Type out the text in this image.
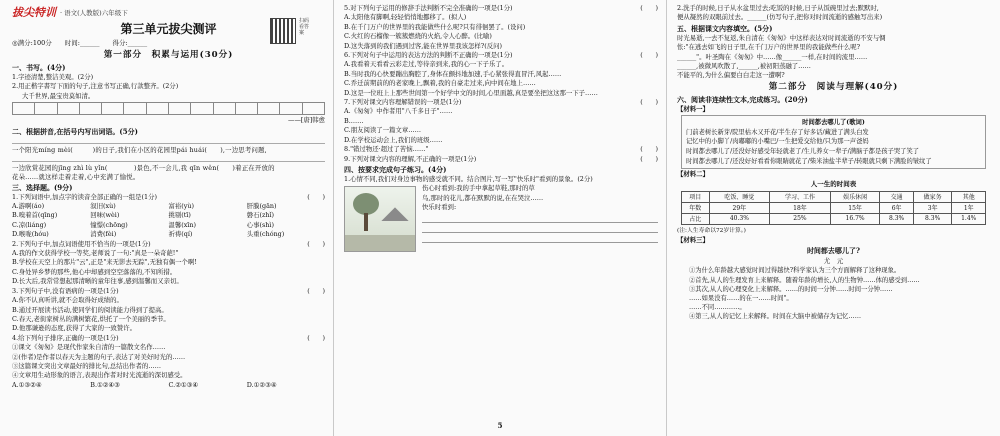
拔尖特训 · 语文(人教版)六年级下
扫码看答案
第三单元拔尖测评
◎满分:100分　　时间:______　　得分:______
第一部分　积累与运用(30分)
一、书写。(4分)
1.字迹清楚,整洁美观。(2分)
2.用正楷字書写下面的句子,注意书写正确,行款整齐。(2分)
大千世界,最宝贵莫如清。
——[唐]韩愈
二、根据拼音,在括号内写出词语。(5分)
一个阳光míng mèi(　　　)的日子,我们在小区的花园里pái huái(　　),一边思考问题,
一边欣赏花园的jīng zhì lù yǐn(　　　　)景色,不一会儿,我 qīn wěn(　　)着正在开放的
花朵……就这样走着走着,心中充满了愉悦。
三、选择题。(9分)
1.下列词语中,加点字的读音全部正确的一组是(1分)	(　　)
A.游啊(áo)	叙旧(xù)	富裕(yù)	肝膜(gān)
B.嗅着首(qīng)	回味(wèi)	挑剔(tī)	磐石(zhǐ)
C.凉(liáng)	憧憬(chōng)	温馨(xīn)	心事(shì)
D.喉咙(hóu)	消费(fèi)	祈祷(qí)	头重(chóng)
2.下列句子中,加点词语使用不恰当的一项是(1分)	(　　)
A.我的作文获得学校一等奖,老师说了一句:"真是一朵奇葩!"
B.学校在天空上的那片"云",正是"来无影去无踪",无独有偶一个啊!
C.身处异乡梦的那些,他心中却感到空空落落的,不知所措。
D.长大后,我常常想起那清晰的童年往事,感到温馨而又亲切。
3.下列句子中,没有语病的一项是(1分)	(　　)
A.你不认真听讲,就不会取得好成绩的。
B.通过开展读书活动,使同学们的阅读能力得到了提高。
C.春天,老街家树丛的满树繁花,烘托了一个美丽的季节。
D.他那谦逊的态度,获得了大家的一致赞许。
4.给下列句子排序,正确的一项是(1分)	(　　)
①课文《匆匆》是现代作家朱自清的一篇散文名作……
②(作者)是作者以春天为主题的句子,表达了对美好时光的……
③这篇课文突出文章最好的排比句,总结出作者的……
④文章用生动形象的语言,表现出作者对时光流逝的深切感受。
A.①③②④	B.①②④③	C.②①③④	D.①②③④
5.对下列句子运用的修辞手法判断不完全准确的一项是(1分)	(　　)
A.太阳他有脚啊,轻轻悄悄地挪移了。(拟人)
B.在千门万户的世界里的我能做些什么呢?只有徘徊罢了。(设问)
C.火红的石榴像一簇簇燃烧的火焰,令人心醉。(比喻)
D.这失落到的我们遇到过客,能在世界里我该怎样?(反问)
6.下列对句子中运用的表达方法的判断不正确的一项是(1分)	(　　)
A.我看着天看看云彩走过,等待亲到来,我的心一下子乐了。
B.当时我的心快要蹦出胸腔了,身体在颤抖地加速,手心紧张得直冒汗,风起……
C.乔迁前期前的的老家晚上,飘着,我的自豪走过来,向中间在地上……
D.这是一位班上上那些世间第一个好学中文的时间,心里面越,真是要坐把这这那一下子……
7.下列对课文内容理解错误的一项是(1分)	(　　)
A.《匆匆》中作者用"八千多日子"……
B.……
C.朋友阅读了一篇文章……
D.在学校运动会上,我们的班级……
8."错过物还·超过了苦恼……"	(　　)
9.下列对课文内容的理解,不正确的一项是(1分)	(　　)
四、按要求完成句子练习。(4分)
1.心情不同,我们对身边事物的感受就不同。结合图片,写一写"快乐时"看到的景象。(2分)
伤心时看到:我的手中拿起草鞋,那时的草
鸟,那时的花儿,都在默默的说,在在哭泣……
快乐时看到:
5
2.洗手的时候,日子从水盆里过去;吃饭的时候,日子从饭碗里过去;默默时,
便从凝然的双眼前过去。______(仿写句子,把你对时间流逝的感触写出来)
五、根据课文内容填空。(5分)
时光易逝,一去不复返,朱自清在《匆匆》中这样表达对时间流逝的不安与惆
怅:"在逃去如飞的日子里,在千门万户的世界里的我能做些什么呢?
______"。叶圣陶在《匆匆》中……像______一样,在时间的流里……
______,被微风吹散了,______,被初阳蒸融了……
不能平的,为什么偏要白白走这一遭啊?
第二部分　阅读与理解(40分)
六、阅读非连续性文本,完成练习。(20分)
【材料一】
时间都去哪儿了(歌词)
门前老树长新芽/院里枯木又开花/半生存了好多话/藏进了满头白发
记忆中的小脚丫/肉嘟嘟的小嘴巴/一生把爱交给他/只为那一声爸妈
时间都去哪儿了/还没好好感受年轻就老了/生儿养女一辈子/满脑子都是孩子哭了笑了
时间都去哪儿了/还没好好看看你眼睛就花了/柴米油盐半辈子/转眼就只剩下满脸的皱纹了
【材料二】
人一生的时间表
项目	吃饭、睡觉	学习、工作	娱乐休闲	交通	做家务	其他
年数	29年	18年	15年	6年	3年	1年
占比	40.3%	25%	16.7%	8.3%	8.3%	1.4%
(注:人生寿命以72岁计算。)
【材料三】
时间都去哪儿了?
尤　元
①为什么年龄越大感觉时间过得越快?科学家认为三个方面解释了这种现象。
②首先,从人的生理发育上来解释。随着年龄的增长,人的生物钟……体的感受到……
③其次,从人的心理变化上来解释。……的时间一分钟……时间一分钟……
……如果没有……的在一……时间"。
……不同…………。
④第三,从人的记忆上来解释。时间在大脑中被储存为记忆……
